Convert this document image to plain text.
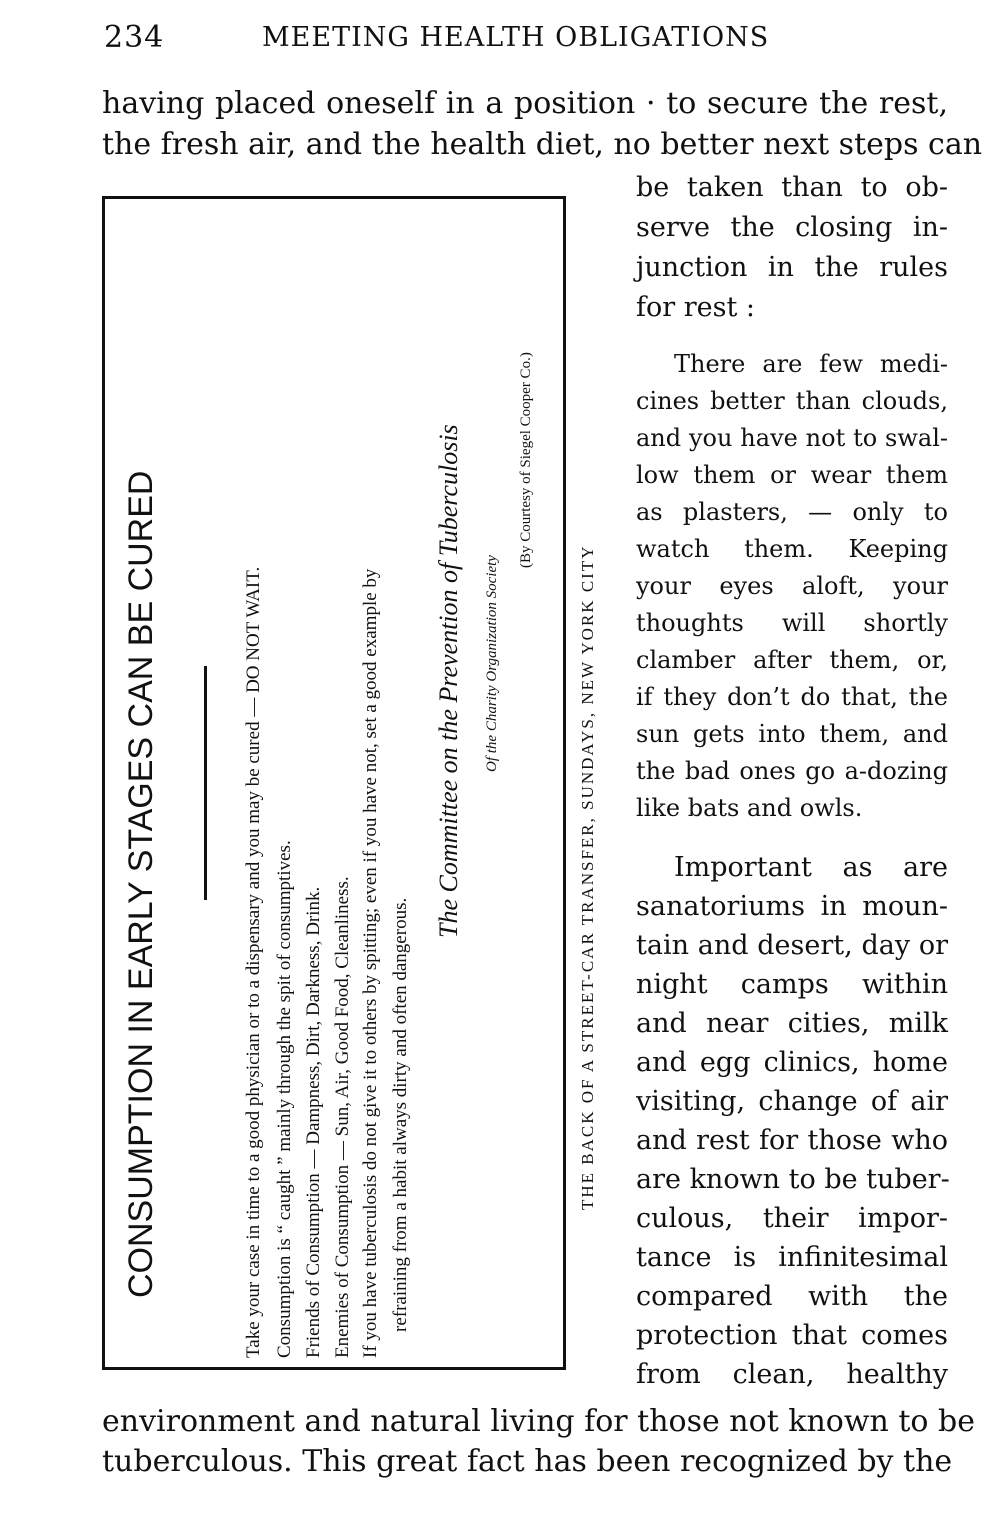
234	MEETING HEALTH OBLIGATIONS
having placed oneself in a position · to secure the rest,
the fresh air, and the health diet, no better next steps can
be taken than to ob-
serve the closing in-
junction in the rules
for rest :
There are few medi-
cines better than clouds,
and you have not to swal-
low them or wear them
as plasters, — only to
watch them. Keeping
your eyes aloft, your
thoughts will shortly
clamber after them, or,
if they don’t do that, the
sun gets into them, and
the bad ones go a-dozing
like bats and owls.
Important as are
sanatoriums in moun-
tain and desert, day or
night camps within
and near cities, milk
and egg clinics, home
visiting, change of air
and rest for those who
are known to be tuber-
culous, their impor-
tance is infinitesimal
compared with the
protection that comes
from clean, healthy
environment and natural living for those not known to be
tuberculous. This great fact has been recognized by the
CONSUMPTION IN EARLY STAGES CAN BE CURED	Take your case in time to a good physician or to a dispensary and you may be cured — DO NOT WAIT. Consumption is “ caught ” mainly through the spit of consumptives. Friends of Consumption — Dampness, Dirt, Darkness, Drink. Enemies of Consumption — Sun, Air, Good Food, Cleanliness. If you have tuberculosis do not give it to others by spitting; even if you have not, set a good example by refraining from a habit always dirty and often dangerous.
The Committee on the Prevention of Tuberculosis Of the Charity Organization Society
(By Courtesy of Siegel Cooper Co.)
THE BACK OF A STREET-CAR TRANSFER, SUNDAYS, NEW YORK CITY
